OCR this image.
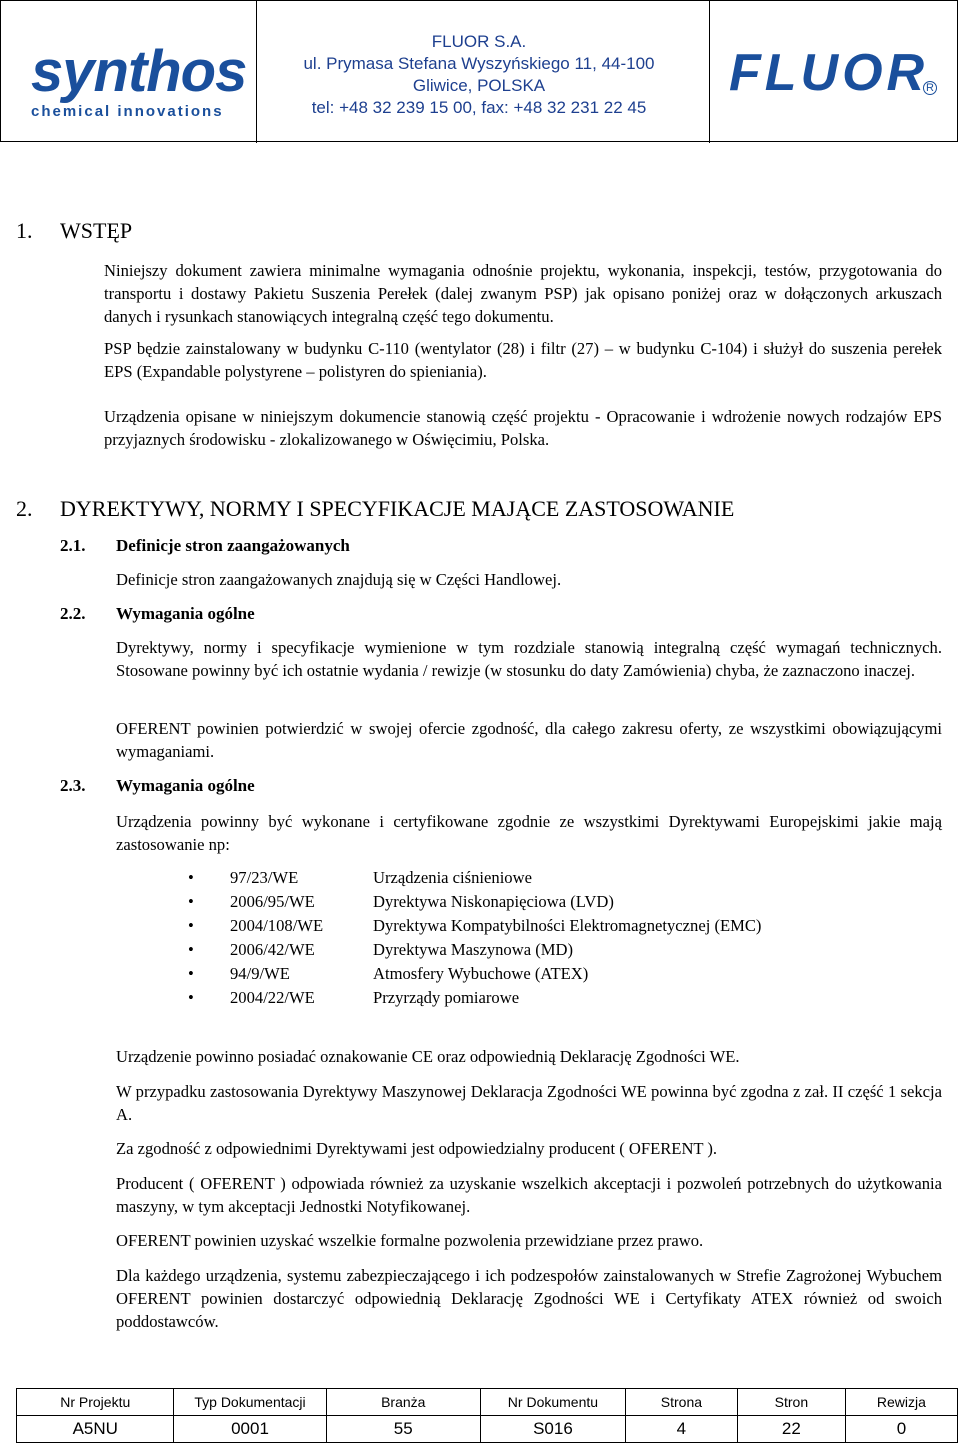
synthos
chemical innovations
FLUOR S.A.
ul. Prymasa Stefana Wyszyńskiego 11, 44-100
Gliwice, POLSKA
tel: +48 32 239 15 00, fax: +48 32 231 22 45
FLUOR
R
1. WSTĘP
Niniejszy dokument zawiera minimalne wymagania odnośnie projektu, wykonania, inspekcji, testów, przygotowania do transportu i dostawy Pakietu Suszenia Perełek (dalej zwanym PSP) jak opisano poniżej oraz w dołączonych arkuszach danych i rysunkach stanowiących integralną część tego dokumentu.
PSP będzie zainstalowany w budynku C-110 (wentylator (28) i filtr (27) – w budynku C-104) i służył do suszenia perełek EPS (Expandable polystyrene – polistyren do spieniania).
Urządzenia opisane w niniejszym dokumencie stanowią część projektu - Opracowanie i wdrożenie nowych rodzajów EPS przyjaznych środowisku - zlokalizowanego w Oświęcimiu, Polska.
2. DYREKTYWY, NORMY I SPECYFIKACJE MAJĄCE ZASTOSOWANIE
2.1. Definicje stron zaangażowanych
Definicje stron zaangażowanych znajdują się w Części Handlowej.
2.2. Wymagania ogólne
Dyrektywy, normy i specyfikacje wymienione w tym rozdziale stanowią integralną część wymagań technicznych. Stosowane powinny być ich ostatnie wydania / rewizje (w stosunku do daty Zamówienia) chyba, że zaznaczono inaczej.
OFERENT powinien potwierdzić w swojej ofercie zgodność, dla całego zakresu oferty, ze wszystkimi obowiązującymi wymaganiami.
2.3. Wymagania ogólne
Urządzenia powinny być wykonane i certyfikowane zgodnie ze wszystkimi Dyrektywami Europejskimi jakie mają zastosowanie np:
• 97/23/WE	Urządzenia ciśnieniowe
• 2006/95/WE	Dyrektywa Niskonapięciowa (LVD)
• 2004/108/WE	Dyrektywa Kompatybilności Elektromagnetycznej (EMC)
• 2006/42/WE	Dyrektywa Maszynowa (MD)
• 94/9/WE	Atmosfery Wybuchowe (ATEX)
• 2004/22/WE	Przyrządy pomiarowe
Urządzenie powinno posiadać oznakowanie CE oraz odpowiednią Deklarację Zgodności WE.
W przypadku zastosowania Dyrektywy Maszynowej Deklaracja Zgodności WE powinna być zgodna z zał. II część 1 sekcja A.
Za zgodność z odpowiednimi Dyrektywami jest odpowiedzialny producent ( OFERENT ).
Producent ( OFERENT ) odpowiada również za uzyskanie wszelkich akceptacji i pozwoleń potrzebnych do użytkowania maszyny, w tym akceptacji Jednostki Notyfikowanej.
OFERENT powinien uzyskać wszelkie formalne pozwolenia przewidziane przez prawo.
Dla każdego urządzenia, systemu zabezpieczającego i ich podzespołów zainstalowanych w Strefie Zagrożonej Wybuchem OFERENT powinien dostarczyć odpowiednią Deklarację Zgodności WE i Certyfikaty ATEX również od swoich poddostawców.
Nr Projektu	Typ Dokumentacji	Branża	Nr Dokumentu	Strona	Stron	Rewizja
A5NU	0001	55	S016	4	22	0
